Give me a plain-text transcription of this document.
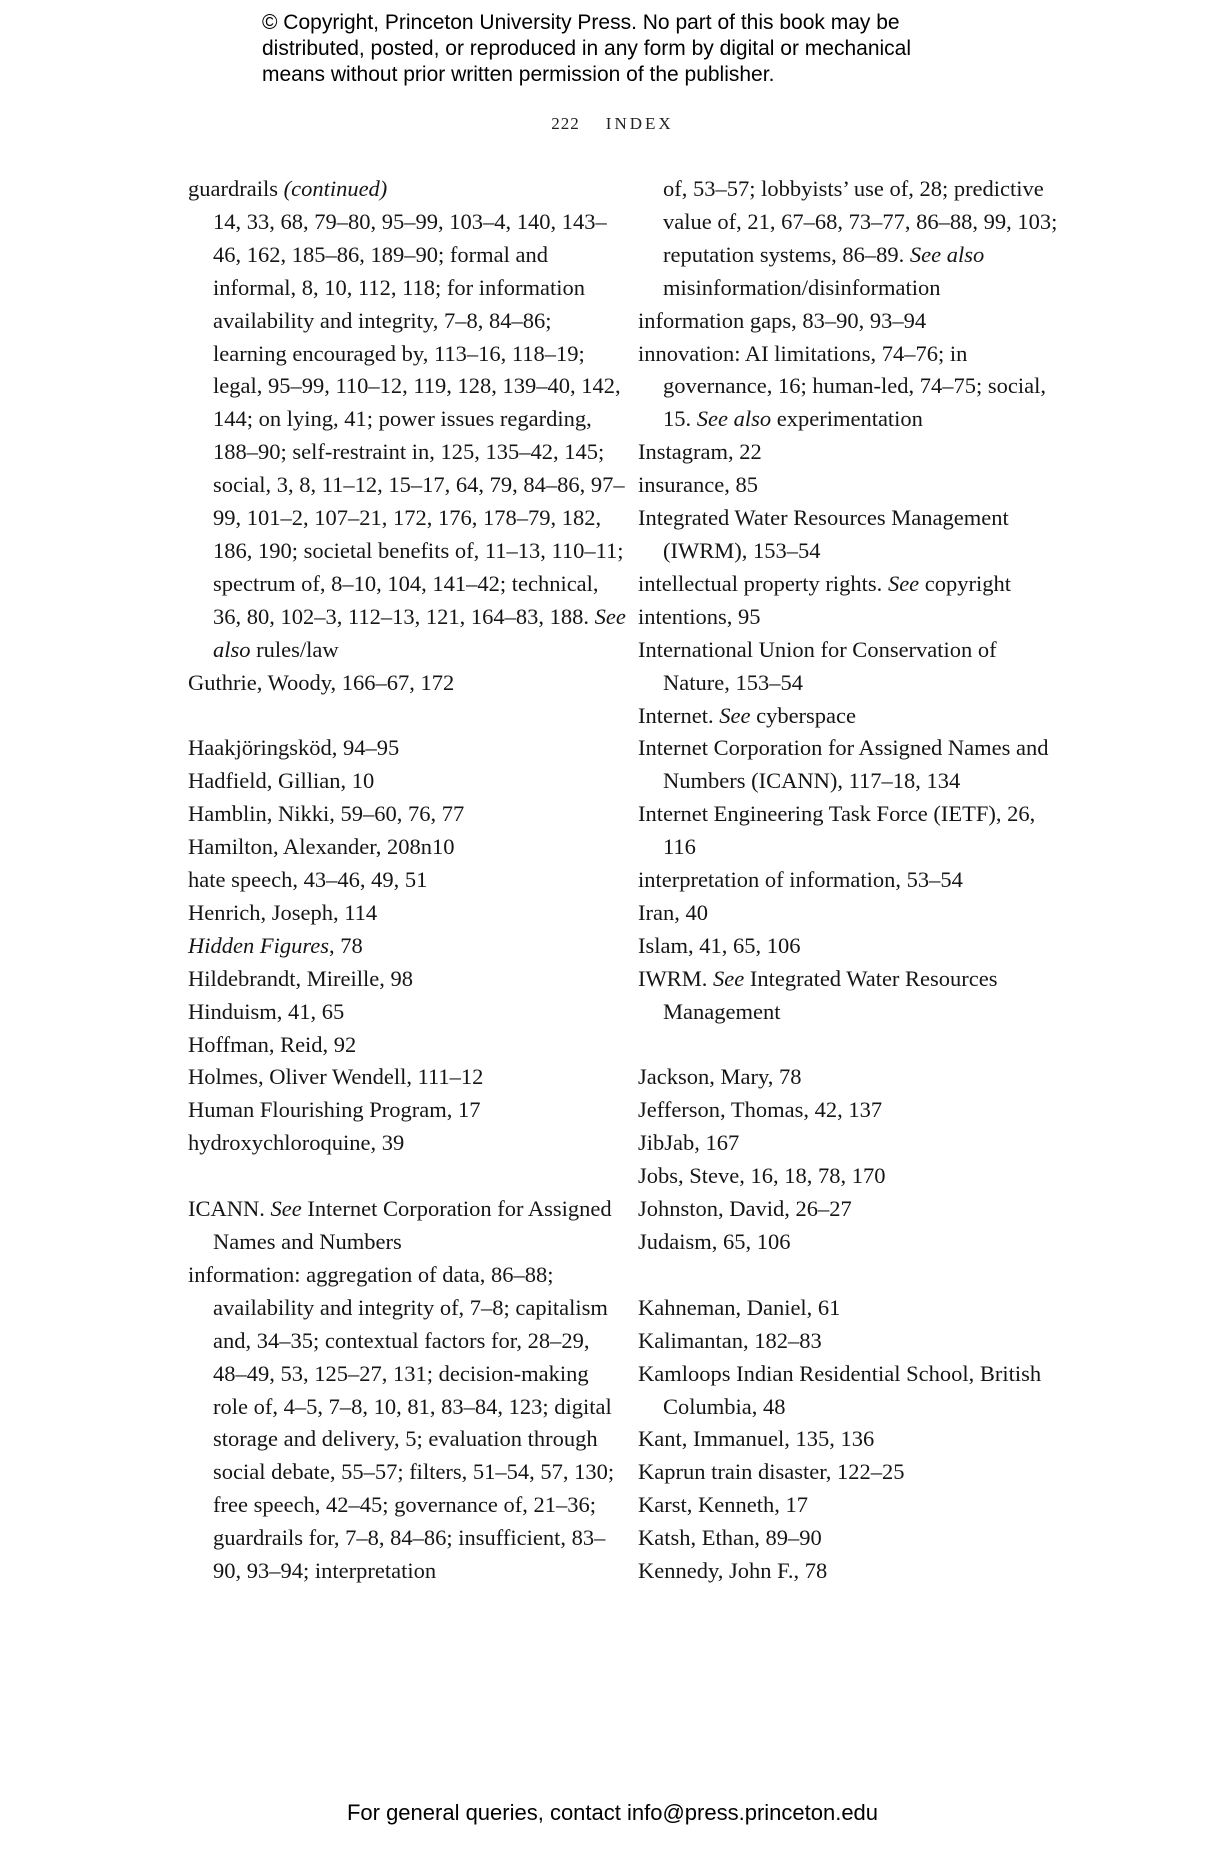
© Copyright, Princeton University Press. No part of this book may be
distributed, posted, or reproduced in any form by digital or mechanical
means without prior written permission of the publisher.
222 INDEX
guardrails (continued)
14, 33, 68, 79–80, 95–99, 103–4, 140, 143–46, 162, 185–86, 189–90; formal and informal, 8, 10, 112, 118; for information availability and integrity, 7–8, 84–86; learning encouraged by, 113–16, 118–19; legal, 95–99, 110–12, 119, 128, 139–40, 142, 144; on lying, 41; power issues regarding, 188–90; self-restraint in, 125, 135–42, 145; social, 3, 8, 11–12, 15–17, 64, 79, 84–86, 97–99, 101–2, 107–21, 172, 176, 178–79, 182, 186, 190; societal benefits of, 11–13, 110–11; spectrum of, 8–10, 104, 141–42; technical, 36, 80, 102–3, 112–13, 121, 164–83, 188. See also rules/law
Guthrie, Woody, 166–67, 172
Haakjöringsköd, 94–95
Hadfield, Gillian, 10
Hamblin, Nikki, 59–60, 76, 77
Hamilton, Alexander, 208n10
hate speech, 43–46, 49, 51
Henrich, Joseph, 114
Hidden Figures, 78
Hildebrandt, Mireille, 98
Hinduism, 41, 65
Hoffman, Reid, 92
Holmes, Oliver Wendell, 111–12
Human Flourishing Program, 17
hydroxychloroquine, 39
ICANN. See Internet Corporation for Assigned Names and Numbers
information: aggregation of data, 86–88; availability and integrity of, 7–8; capitalism and, 34–35; contextual factors for, 28–29, 48–49, 53, 125–27, 131; decision-making role of, 4–5, 7–8, 10, 81, 83–84, 123; digital storage and delivery, 5; evaluation through social debate, 55–57; filters, 51–54, 57, 130; free speech, 42–45; governance of, 21–36; guardrails for, 7–8, 84–86; insufficient, 83–90, 93–94; interpretation
of, 53–57; lobbyists’ use of, 28; predictive value of, 21, 67–68, 73–77, 86–88, 99, 103; reputation systems, 86–89. See also misinformation/disinformation
information gaps, 83–90, 93–94
innovation: AI limitations, 74–76; in governance, 16; human-led, 74–75; social, 15. See also experimentation
Instagram, 22
insurance, 85
Integrated Water Resources Management (IWRM), 153–54
intellectual property rights. See copyright
intentions, 95
International Union for Conservation of Nature, 153–54
Internet. See cyberspace
Internet Corporation for Assigned Names and Numbers (ICANN), 117–18, 134
Internet Engineering Task Force (IETF), 26, 116
interpretation of information, 53–54
Iran, 40
Islam, 41, 65, 106
IWRM. See Integrated Water Resources Management
Jackson, Mary, 78
Jefferson, Thomas, 42, 137
JibJab, 167
Jobs, Steve, 16, 18, 78, 170
Johnston, David, 26–27
Judaism, 65, 106
Kahneman, Daniel, 61
Kalimantan, 182–83
Kamloops Indian Residential School, British Columbia, 48
Kant, Immanuel, 135, 136
Kaprun train disaster, 122–25
Karst, Kenneth, 17
Katsh, Ethan, 89–90
Kennedy, John F., 78
For general queries, contact info@press.princeton.edu
